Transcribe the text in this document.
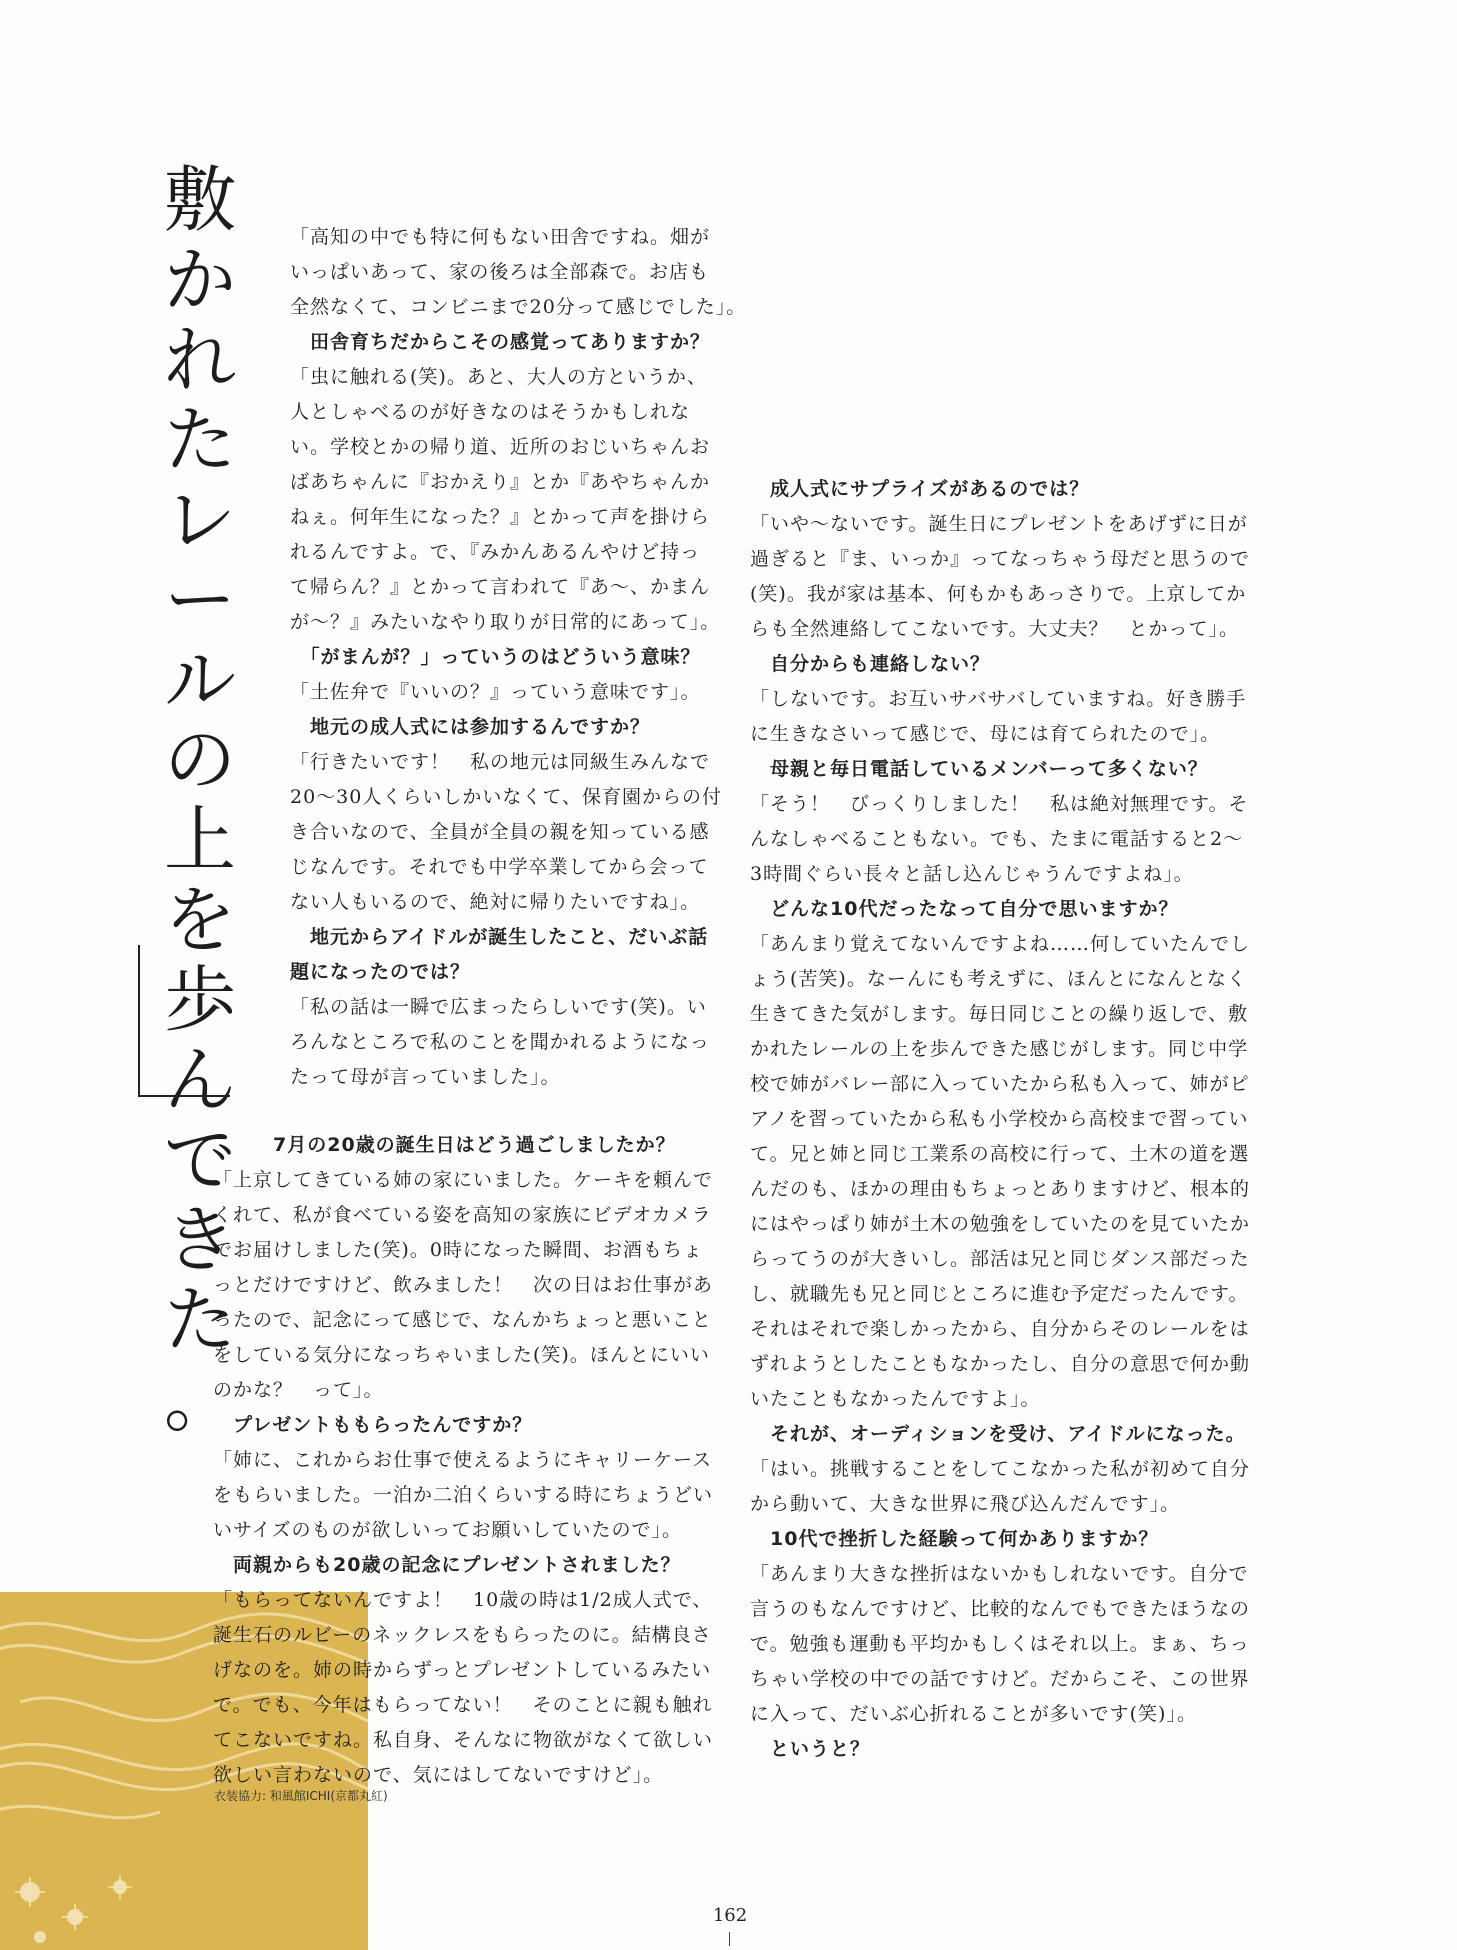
敷
か
れ
た
レ
ー
ル
の
上
を
歩
ん
で
き
た
。

「高知の中でも特に何もない田舎ですね。畑が
いっぱいあって、家の後ろは全部森で。お店も
全然なくて、コンビニまで20分って感じでした」。

　田舎育ちだからこその感覚ってありますか？

「虫に触れる(笑)。あと、大人の方というか、
人としゃべるのが好きなのはそうかもしれな
い。学校とかの帰り道、近所のおじいちゃんお
ばあちゃんに『おかえり』とか『あやちゃんか
ねぇ。何年生になった？』とかって声を掛けら
れるんですよ。で、『みかんあるんやけど持っ
て帰らん？』とかって言われて『あ〜、かまん
が〜？』みたいなやり取りが日常的にあって」。

　「がまんが？」っていうのはどういう意味？

「土佐弁で『いいの？』っていう意味です」。

　地元の成人式には参加するんですか？

「行きたいです！　私の地元は同級生みんなで
20〜30人くらいしかいなくて、保育園からの付
き合いなので、全員が全員の親を知っている感
じなんです。それでも中学卒業してから会って
ない人もいるので、絶対に帰りたいですね」。

　地元からアイドルが誕生したこと、だいぶ話
題になったのでは？

「私の話は一瞬で広まったらしいです(笑)。い
ろんなところで私のことを聞かれるようになっ
たって母が言っていました」。

　　　7月の20歳の誕生日はどう過ごしましたか？

「上京してきている姉の家にいました。ケーキを頼んで
くれて、私が食べている姿を高知の家族にビデオカメラ
でお届けしました(笑)。0時になった瞬間、お酒もちょ
っとだけですけど、飲みました！　次の日はお仕事があ
ったので、記念にって感じで、なんかちょっと悪いこと
をしている気分になっちゃいました(笑)。ほんとにいい
のかな？　って」。

　プレゼントももらったんですか？

「姉に、これからお仕事で使えるようにキャリーケース
をもらいました。一泊か二泊くらいする時にちょうどい
いサイズのものが欲しいってお願いしていたので」。

　両親からも20歳の記念にプレゼントされました？

「もらってないんですよ！　10歳の時は1/2成人式で、
誕生石のルビーのネックレスをもらったのに。結構良さ
げなのを。姉の時からずっとプレゼントしているみたい
で。でも、今年はもらってない！　そのことに親も触れ
てこないですね。私自身、そんなに物欲がなくて欲しい
欲しい言わないので、気にはしてないですけど」。

　成人式にサプライズがあるのでは？

「いや〜ないです。誕生日にプレゼントをあげずに日が
過ぎると『ま、いっか』ってなっちゃう母だと思うので
(笑)。我が家は基本、何もかもあっさりで。上京してか
らも全然連絡してこないです。大丈夫？　とかって」。

　自分からも連絡しない？

「しないです。お互いサバサバしていますね。好き勝手
に生きなさいって感じで、母には育てられたので」。

　母親と毎日電話しているメンバーって多くない？

「そう！　びっくりしました！　私は絶対無理です。そ
んなしゃべることもない。でも、たまに電話すると2〜
3時間ぐらい長々と話し込んじゃうんですよね」。

　どんな10代だったなって自分で思いますか？

「あんまり覚えてないんですよね……何していたんでし
ょう(苦笑)。なーんにも考えずに、ほんとになんとなく
生きてきた気がします。毎日同じことの繰り返しで、敷
かれたレールの上を歩んできた感じがします。同じ中学
校で姉がバレー部に入っていたから私も入って、姉がピ
アノを習っていたから私も小学校から高校まで習ってい
て。兄と姉と同じ工業系の高校に行って、土木の道を選
んだのも、ほかの理由もちょっとありますけど、根本的
にはやっぱり姉が土木の勉強をしていたのを見ていたか
らってうのが大きいし。部活は兄と同じダンス部だった
し、就職先も兄と同じところに進む予定だったんです。
それはそれで楽しかったから、自分からそのレールをは
ずれようとしたこともなかったし、自分の意思で何か動
いたこともなかったんですよ」。

　それが、オーディションを受け、アイドルになった。

「はい。挑戦することをしてこなかった私が初めて自分
から動いて、大きな世界に飛び込んだんです」。

　10代で挫折した経験って何かありますか？

「あんまり大きな挫折はないかもしれないです。自分で
言うのもなんですけど、比較的なんでもできたほうなの
で。勉強も運動も平均かもしくはそれ以上。まぁ、ちっ
ちゃい学校の中での話ですけど。だからこそ、この世界
に入って、だいぶ心折れることが多いです(笑)」。

　というと？

衣装協力: 和風館ICHI(京都丸紅)
162
